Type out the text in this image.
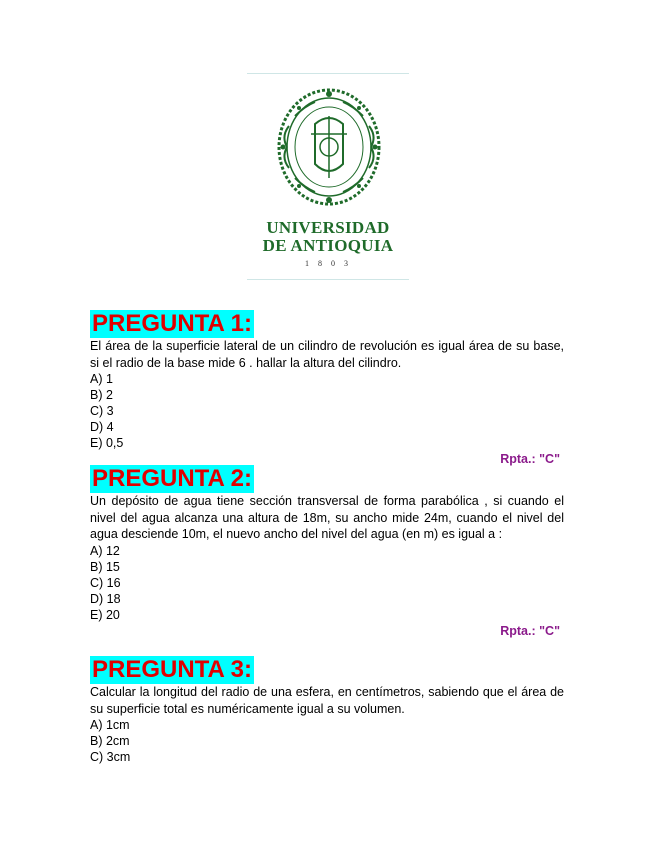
UNIVERSIDAD
DE ANTIOQUIA
1803
PREGUNTA 1:

El área de la superficie lateral de un cilindro de revolución es igual área de su base, si el radio de la base mide 6 . hallar la altura del cilindro.

A) 1

B) 2

C) 3

D) 4

E) 0,5

Rpta.: "C"
PREGUNTA 2:

Un depósito de agua tiene sección transversal de forma parabólica , si cuando el nivel del agua alcanza una altura de 18m, su ancho mide 24m, cuando el nivel del agua desciende 10m, el nuevo ancho del nivel del agua (en m) es igual a :

A) 12

B) 15

C) 16

D) 18

E) 20

Rpta.: "C"
PREGUNTA 3:

Calcular la longitud del radio de una esfera, en centímetros, sabiendo que el área de su superficie total es numéricamente igual a su volumen.

A) 1cm

B) 2cm

C) 3cm
